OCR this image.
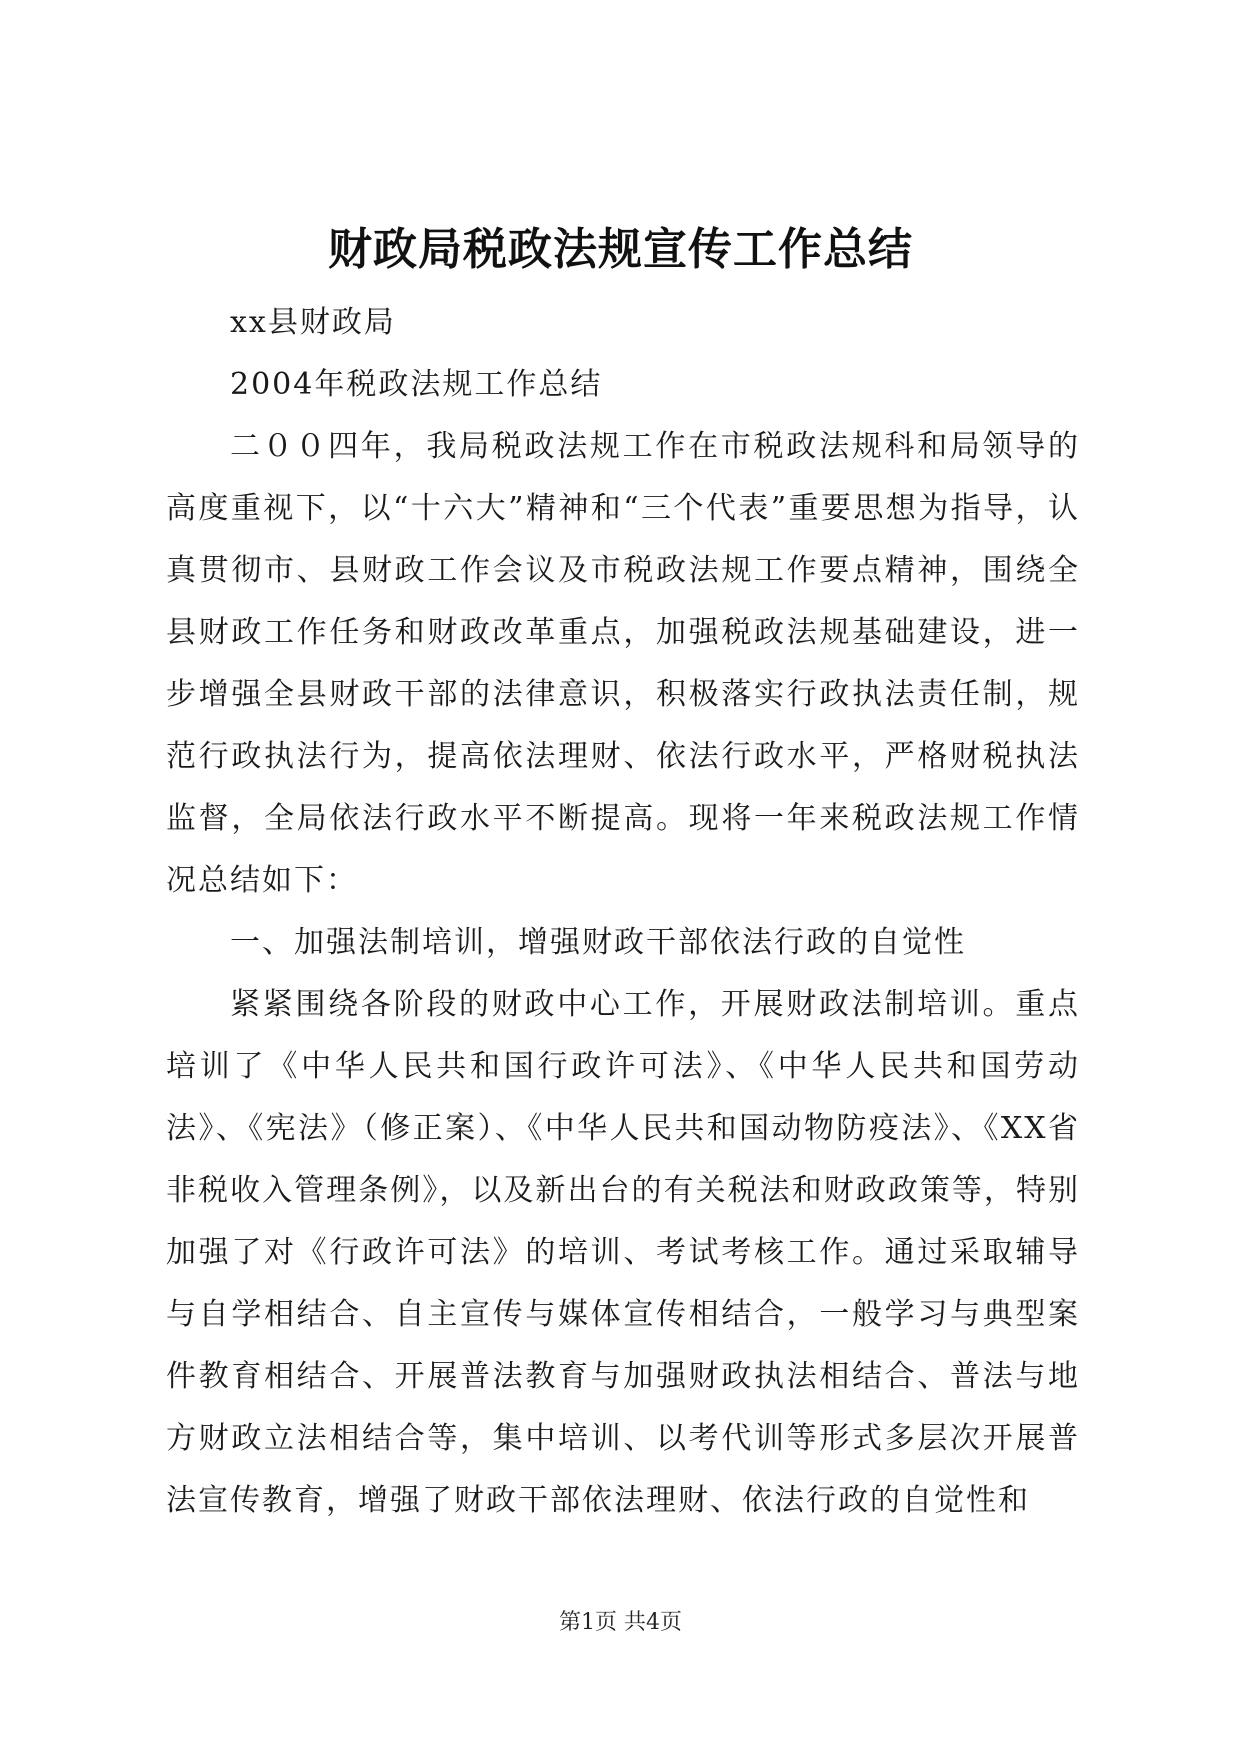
财政局税政法规宣传工作总结

xx县财政局

2004年税政法规工作总结

二００四年，我局税政法规工作在市税政法规科和局领导的高度重视下，以“十六大”精神和“三个代表”重要思想为指导，认真贯彻市、县财政工作会议及市税政法规工作要点精神，围绕全县财政工作任务和财政改革重点，加强税政法规基础建设，进一步增强全县财政干部的法律意识，积极落实行政执法责任制，规范行政执法行为，提高依法理财、依法行政水平，严格财税执法监督，全局依法行政水平不断提高。现将一年来税政法规工作情况总结如下：

一、加强法制培训，增强财政干部依法行政的自觉性

紧紧围绕各阶段的财政中心工作，开展财政法制培训。重点培训了《中华人民共和国行政许可法》、《中华人民共和国劳动法》、《宪法》（修正案）、《中华人民共和国动物防疫法》、《XX省非税收入管理条例》，以及新出台的有关税法和财政政策等，特别加强了对《行政许可法》的培训、考试考核工作。通过采取辅导与自学相结合、自主宣传与媒体宣传相结合，一般学习与典型案件教育相结合、开展普法教育与加强财政执法相结合、普法与地方财政立法相结合等，集中培训、以考代训等形式多层次开展普法宣传教育，增强了财政干部依法理财、依法行政的自觉性和

第1页 共4页
